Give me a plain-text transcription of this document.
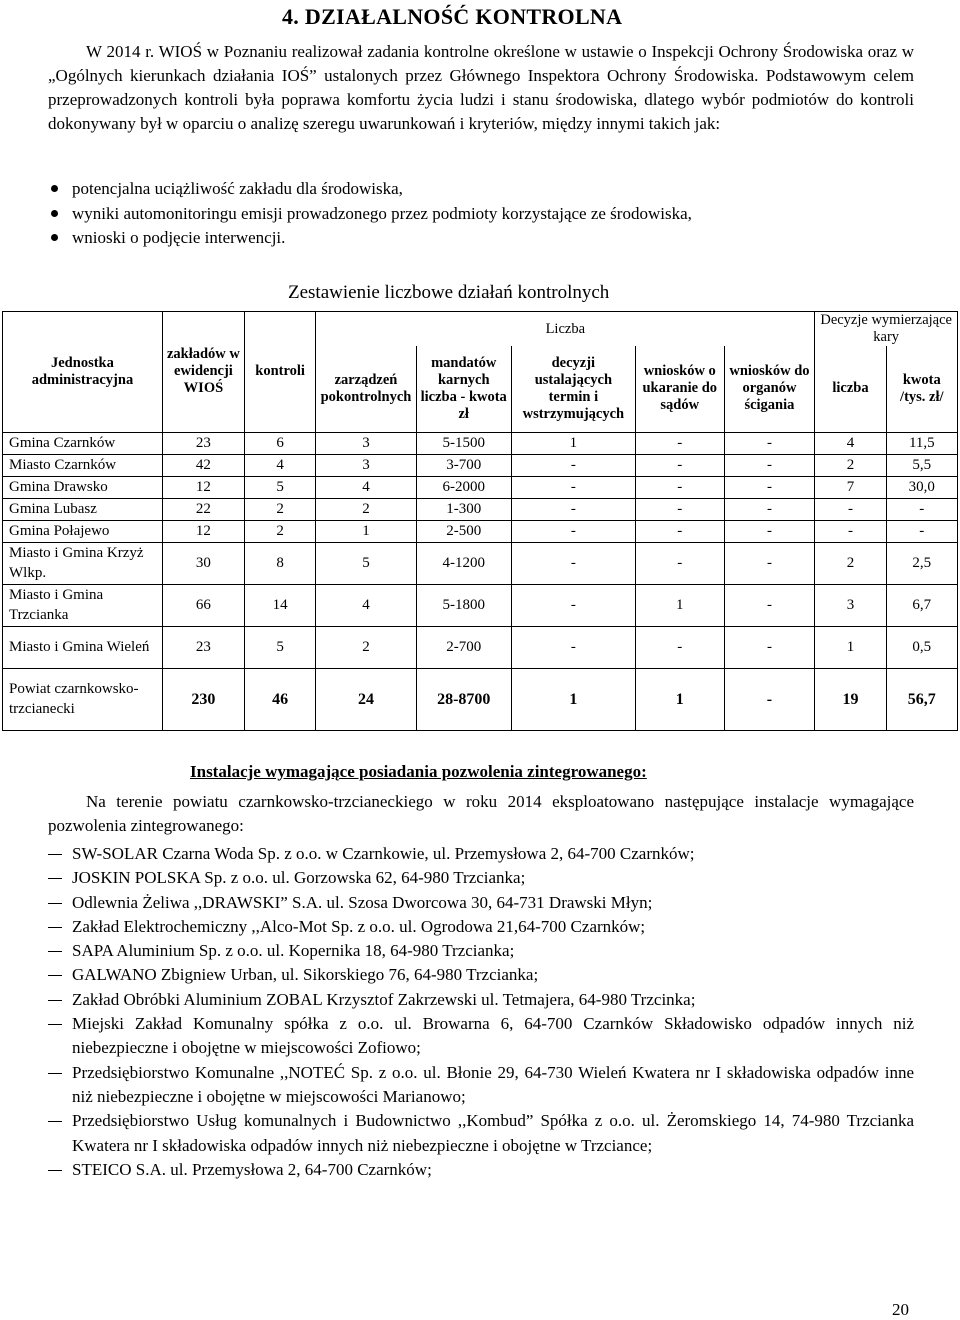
4. DZIAŁALNOŚĆ KONTROLNA

W 2014 r. WIOŚ w Poznaniu realizował zadania kontrolne określone w ustawie o Inspekcji Ochrony Środowiska oraz w „Ogólnych kierunkach działania IOŚ” ustalonych przez Głównego Inspektora Ochrony Środowiska. Podstawowym celem przeprowadzonych kontroli była poprawa komfortu życia ludzi i stanu środowiska, dlatego wybór podmiotów do kontroli dokonywany był w oparciu o analizę szeregu uwarunkowań i kryteriów, między innymi takich jak:

potencjalna uciążliwość zakładu dla środowiska,
wyniki automonitoringu emisji prowadzonego przez podmioty korzystające ze środowiska,
wnioski o podjęcie interwencji.
Zestawienie liczbowe działań kontrolnych
Jednostka administracyjna	zakładów w ewidencji WIOŚ	kontroli	Liczba					Decyzje wymierzające kary	
			zarządzeń pokontrolnych	mandatów karnych liczba - kwota zł	decyzji ustalających termin i wstrzymujących	wniosków o ukaranie do sądów	wniosków do organów ścigania	liczba	kwota /tys. zł/
Gmina Czarnków	23	6	3	5-1500	1	-	-	4	11,5
Miasto Czarnków	42	4	3	3-700	-	-	-	2	5,5
Gmina Drawsko	12	5	4	6-2000	-	-	-	7	30,0
Gmina Lubasz	22	2	2	1-300	-	-	-	-	-
Gmina Połajewo	12	2	1	2-500	-	-	-	-	-
Miasto i Gmina Krzyż Wlkp.	30	8	5	4-1200	-	-	-	2	2,5
Miasto i Gmina Trzcianka	66	14	4	5-1800	-	1	-	3	6,7
Miasto i Gmina Wieleń	23	5	2	2-700	-	-	-	1	0,5
Powiat czarnkowsko-trzcianecki	230	46	24	28-8700	1	1	-	19	56,7
Instalacje wymagające posiadania pozwolenia zintegrowanego:

Na terenie powiatu czarnkowsko-trzcianeckiego w roku 2014 eksploatowano następujące instalacje wymagające pozwolenia zintegrowanego:

SW-SOLAR Czarna Woda Sp. z o.o. w Czarnkowie, ul. Przemysłowa 2, 64-700 Czarnków;
JOSKIN POLSKA Sp. z o.o. ul. Gorzowska 62, 64-980 Trzcianka;
Odlewnia Żeliwa ,,DRAWSKI” S.A. ul. Szosa Dworcowa 30, 64-731 Drawski Młyn;
Zakład Elektrochemiczny ,,Alco-Mot Sp. z o.o. ul. Ogrodowa 21,64-700 Czarnków;
SAPA Aluminium Sp. z o.o. ul. Kopernika 18, 64-980 Trzcianka;
GALWANO Zbigniew Urban, ul. Sikorskiego 76, 64-980 Trzcianka;
Zakład Obróbki Aluminium ZOBAL Krzysztof Zakrzewski ul. Tetmajera, 64-980 Trzcinka;
Miejski Zakład Komunalny spółka z o.o. ul. Browarna 6, 64-700 Czarnków Składowisko odpadów innych niż niebezpieczne i obojętne w miejscowości Zofiowo;
Przedsiębiorstwo Komunalne ,,NOTEĆ Sp. z o.o. ul. Błonie 29, 64-730 Wieleń Kwatera nr I składowiska odpadów inne niż niebezpieczne i obojętne w miejscowości Marianowo;
Przedsiębiorstwo Usług komunalnych i Budownictwo ,,Kombud” Spółka z o.o. ul. Żeromskiego 14, 74-980 Trzcianka Kwatera nr I składowiska odpadów innych niż niebezpieczne i obojętne w Trzciance;
STEICO S.A. ul. Przemysłowa 2, 64-700 Czarnków;
20
